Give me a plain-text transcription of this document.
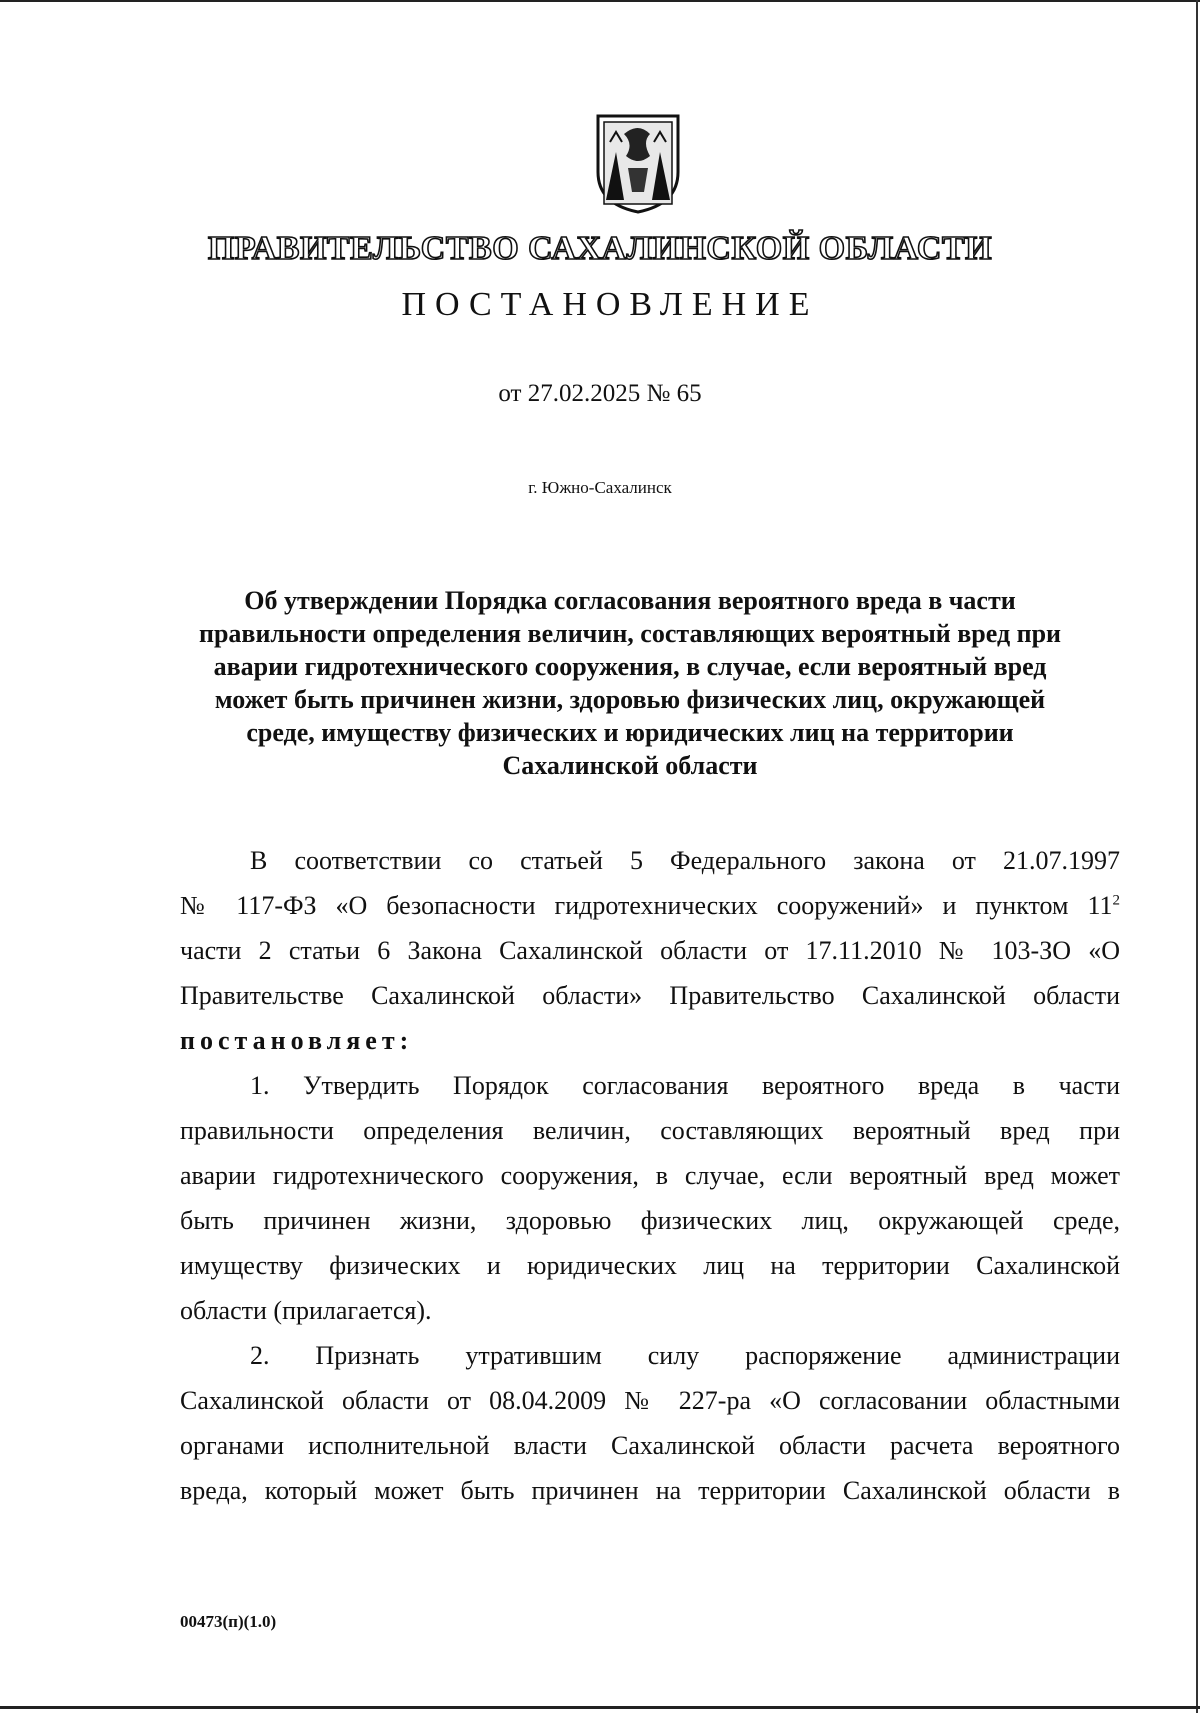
ПРАВИТЕЛЬСТВО САХАЛИНСКОЙ ОБЛАСТИ
ПОСТАНОВЛЕНИЕ
от 27.02.2025 № 65
г. Южно-Сахалинск
Об утверждении Порядка согласования вероятного вреда в части
правильности определения величин, составляющих вероятный вред при
аварии гидротехнического сооружения, в случае, если вероятный вред
может быть причинен жизни, здоровью физических лиц, окружающей
среде, имуществу физических и юридических лиц на территории
Сахалинской области
В соответствии со статьей 5 Федерального закона от 21.07.1997
№ 117-ФЗ «О безопасности гидротехнических сооружений» и пунктом $11^2$
части 2 статьи 6 Закона Сахалинской области от 17.11.2010 № 103-ЗО «О
Правительстве Сахалинской области» Правительство Сахалинской области
постановляет:
1. Утвердить Порядок согласования вероятного вреда в части
правильности определения величин, составляющих вероятный вред при
аварии гидротехнического сооружения, в случае, если вероятный вред может
быть причинен жизни, здоровью физических лиц, окружающей среде,
имуществу физических и юридических лиц на территории Сахалинской
области (прилагается).
2. Признать утратившим силу распоряжение администрации
Сахалинской области от 08.04.2009 № 227-ра «О согласовании областными
органами исполнительной власти Сахалинской области расчета вероятного
вреда, который может быть причинен на территории Сахалинской области в
00473(п)(1.0)
